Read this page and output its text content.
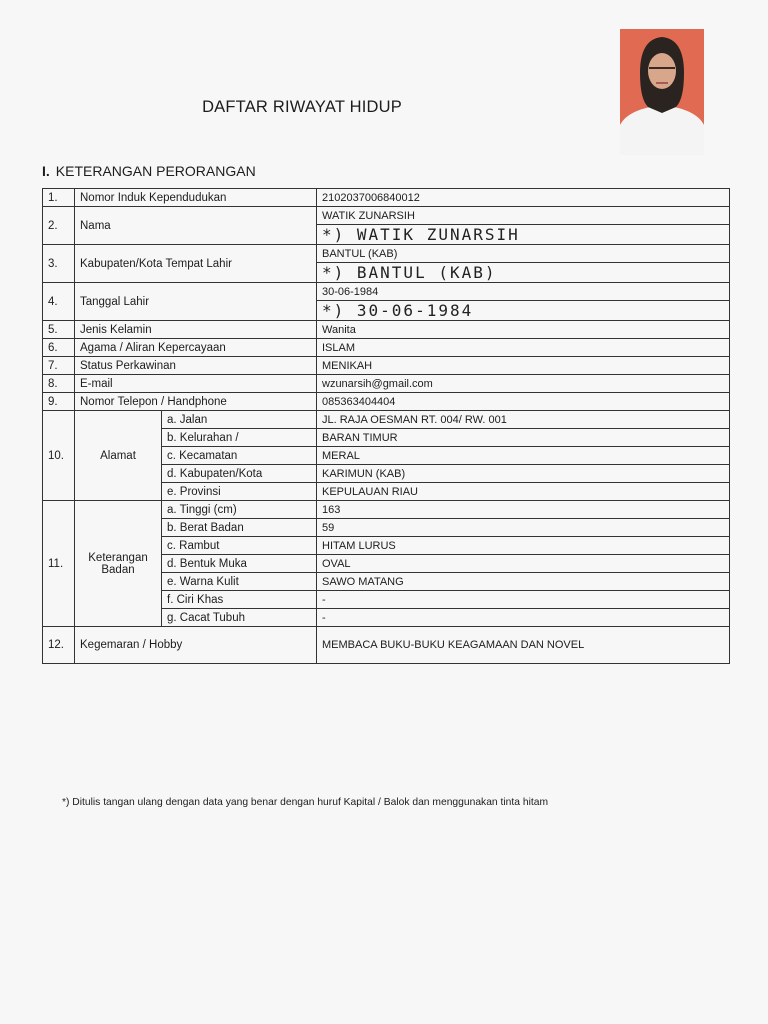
DAFTAR RIWAYAT HIDUP
I. KETERANGAN PERORANGAN
1.	Nomor Induk Kependudukan		2102037006840012
2.	Nama		WATIK ZUNARSIH
			*) WATIK ZUNARSIH
3.	Kabupaten/Kota Tempat Lahir		BANTUL (KAB)
			*) BANTUL (KAB)
4.	Tanggal Lahir		30-06-1984
			*) 30-06-1984
5.	Jenis Kelamin		Wanita
6.	Agama / Aliran Kepercayaan		ISLAM
7.	Status Perkawinan		MENIKAH
8.	E-mail		wzunarsih@gmail.com
9.	Nomor Telepon / Handphone		085363404404
10.	Alamat	a. Jalan	JL. RAJA OESMAN RT. 004/ RW. 001
		b. Kelurahan /	BARAN TIMUR
		c. Kecamatan	MERAL
		d. Kabupaten/Kota	KARIMUN (KAB)
		e. Provinsi	KEPULAUAN RIAU
11.	Keterangan
Badan	a. Tinggi (cm)	163
		b. Berat Badan	59
		c. Rambut	HITAM LURUS
		d. Bentuk Muka	OVAL
		e. Warna Kulit	SAWO MATANG
		f. Ciri Khas	-
		g. Cacat Tubuh	-
12.	Kegemaran / Hobby		MEMBACA BUKU-BUKU KEAGAMAAN DAN NOVEL
*) Ditulis tangan ulang dengan data yang benar dengan huruf Kapital / Balok dan menggunakan tinta hitam
